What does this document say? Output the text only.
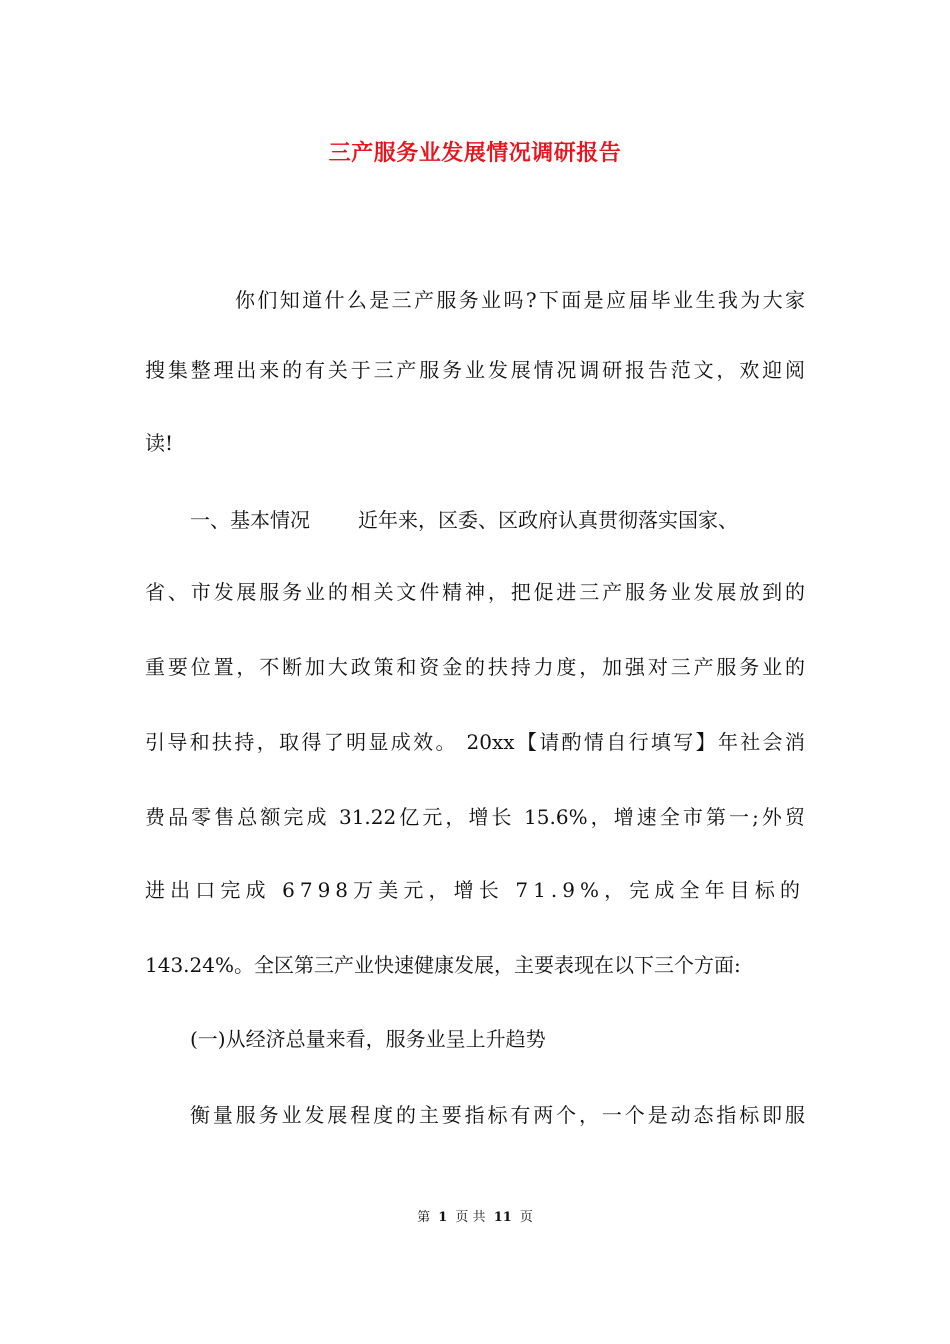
三产服务业发展情况调研报告
你们知道什么是三产服务业吗?下面是应届毕业生我为大家
搜集整理出来的有关于三产服务业发展情况调研报告范文，欢迎阅
读!
一、基本情况 近年来，区委、区政府认真贯彻落实国家、
省、市发展服务业的相关文件精神，把促进三产服务业发展放到的
重要位置，不断加大政策和资金的扶持力度，加强对三产服务业的
引导和扶持，取得了明显成效。 20xx【请酌情自行填写】年社会消
费品零售总额完成 31.22亿元，增长 15.6%，增速全市第一;外贸
进出口完成 6798万美元，增长 71.9%，完成全年目标的
143.24%。全区第三产业快速健康发展，主要表现在以下三个方面:
(一)从经济总量来看，服务业呈上升趋势
衡量服务业发展程度的主要指标有两个，一个是动态指标即服
第 1 页 共 11 页
